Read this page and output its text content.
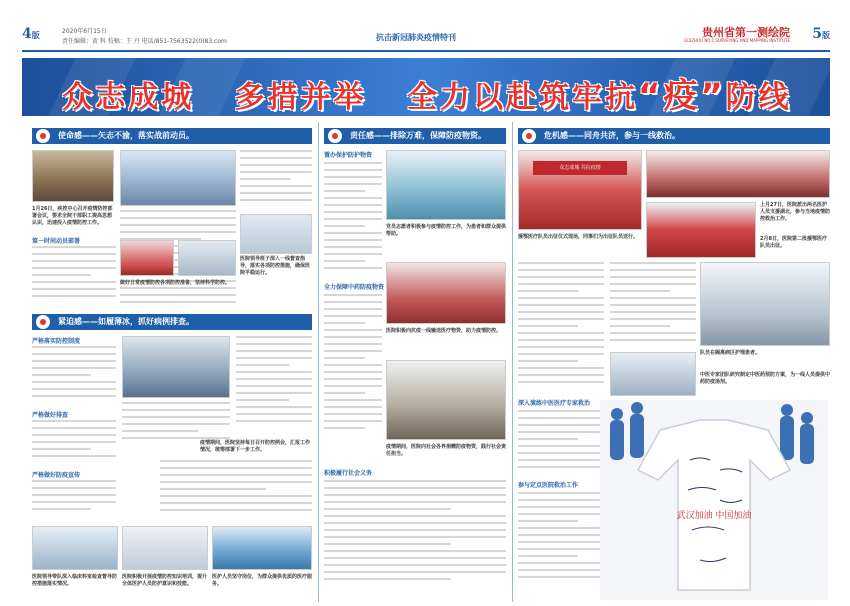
4版	2020年6月15日
责任编辑：黄 科 校稿：王 丹 电话/851-7563522(0)83.com	抗击新冠肺炎疫情特刊	贵州省第一测绘院
GUIZHOU NO.1 SURVEYING AND MAPPING INSTITUTE 5版
众志成城 多措并举 全力以赴筑牢抗“疫”防线
使命感——矢志不渝，落实战前动员。
1月26日，疾控中心召开疫情防控部署会议，要求全院干部职工提高思想认识，迅速投入疫情防控工作。
第一时间动员部署
医院领导班子深入一线督查指导，落实各项防控措施，确保医院平稳运行。
做好日常疫情防控各项防控准备，坚持科学防控。
紧迫感——如履薄冰，抓好病例排查。
严格落实防控制度
严格做好排查
严格做好防疫宣传
疫情期间，医院坚持每日召开防控例会，汇报工作情况，统筹部署下一步工作。
医院领导带队深入临床科室检查督导防控措施落实情况。
医院积极开展疫情防控知识培训，提升全体医护人员防护意识和技能。
医护人员坚守岗位，为群众提供优质的医疗服务。
责任感——排除万难，保障防疫物资。
置办保护防护物资
党员志愿者积极参与疫情防控工作，为患者和群众提供帮助。
全力保障中药防疫物资
医院积极向抗疫一线输送医疗物资，助力疫情防控。
疫情期间，医院向社会各界捐赠防疫物资，践行社会责任担当。
积极履行社会义务
危机感——同舟共济，参与一线救治。
众志成城 共抗疫情
援鄂医疗队员出征仪式现场，同事们为出征队员送行。
上月27日，医院派出两名医护人员支援湖北，参与当地疫情防控救治工作。
2月8日，医院第二批援鄂医疗队员出征。
深入演练中医医疗专家救治
参与定点医院救治工作
队员在隔离病区护理患者。
中医专家团队研究制定中医药预防方案，为一线人员提供中药防疫汤剂。
武汉加油 中国加油
